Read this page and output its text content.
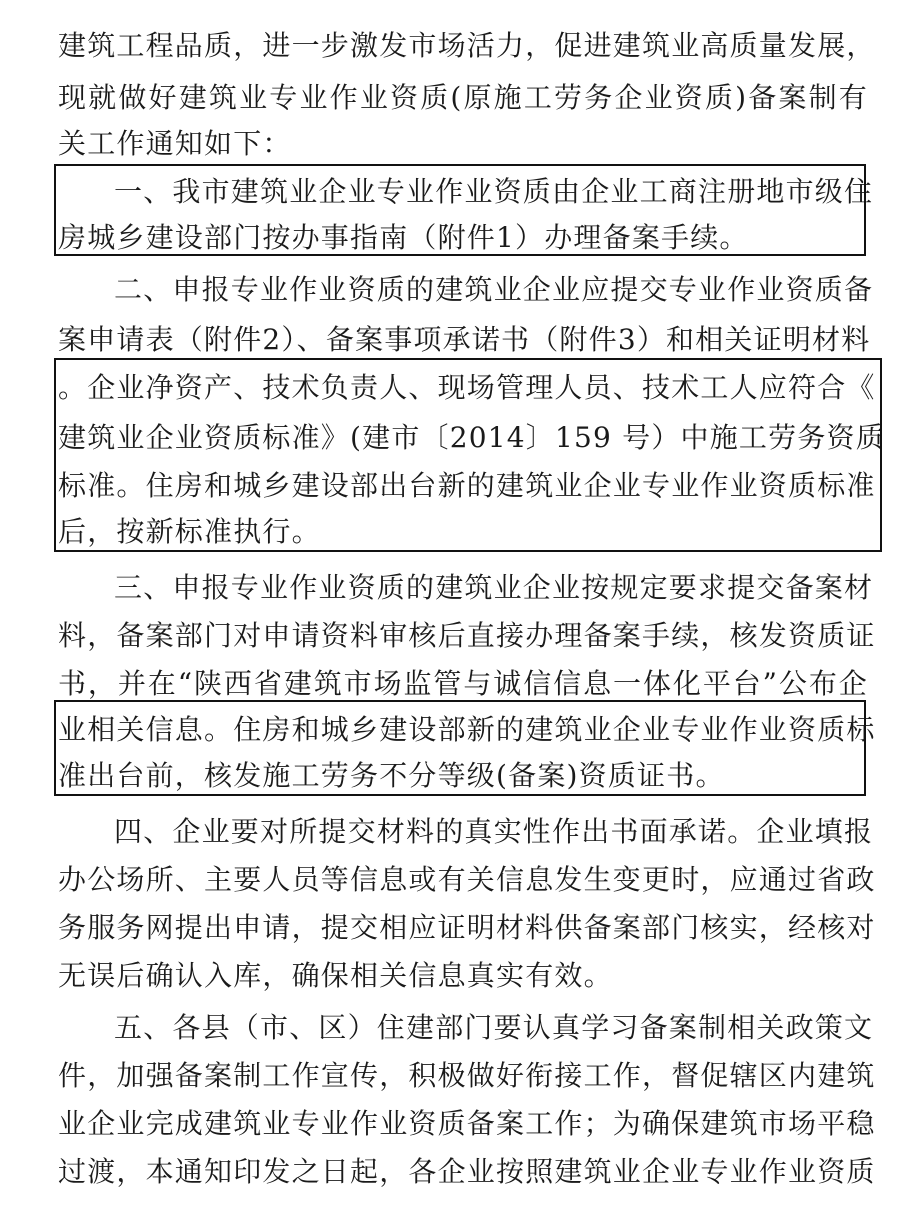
建筑工程品质，进一步激发市场活力，促进建筑业高质量发展，
现就做好建筑业专业作业资质(原施工劳务企业资质)备案制有
关工作通知如下：
一、我市建筑业企业专业作业资质由企业工商注册地市级住
房城乡建设部门按办事指南（附件1）办理备案手续。
二、申报专业作业资质的建筑业企业应提交专业作业资质备
案申请表（附件2）、备案事项承诺书（附件3）和相关证明材料
。企业净资产、技术负责人、现场管理人员、技术工人应符合《
建筑业企业资质标准》(建市〔2014〕159 号）中施工劳务资质
标准。住房和城乡建设部出台新的建筑业企业专业作业资质标准
后，按新标准执行。
三、申报专业作业资质的建筑业企业按规定要求提交备案材
料，备案部门对申请资料审核后直接办理备案手续，核发资质证
书，并在“陕西省建筑市场监管与诚信信息一体化平台”公布企
业相关信息。住房和城乡建设部新的建筑业企业专业作业资质标
准出台前，核发施工劳务不分等级(备案)资质证书。
四、企业要对所提交材料的真实性作出书面承诺。企业填报
办公场所、主要人员等信息或有关信息发生变更时，应通过省政
务服务网提出申请，提交相应证明材料供备案部门核实，经核对
无误后确认入库，确保相关信息真实有效。
五、各县（市、区）住建部门要认真学习备案制相关政策文
件，加强备案制工作宣传，积极做好衔接工作，督促辖区内建筑
业企业完成建筑业专业作业资质备案工作；为确保建筑市场平稳
过渡，本通知印发之日起，各企业按照建筑业企业专业作业资质
